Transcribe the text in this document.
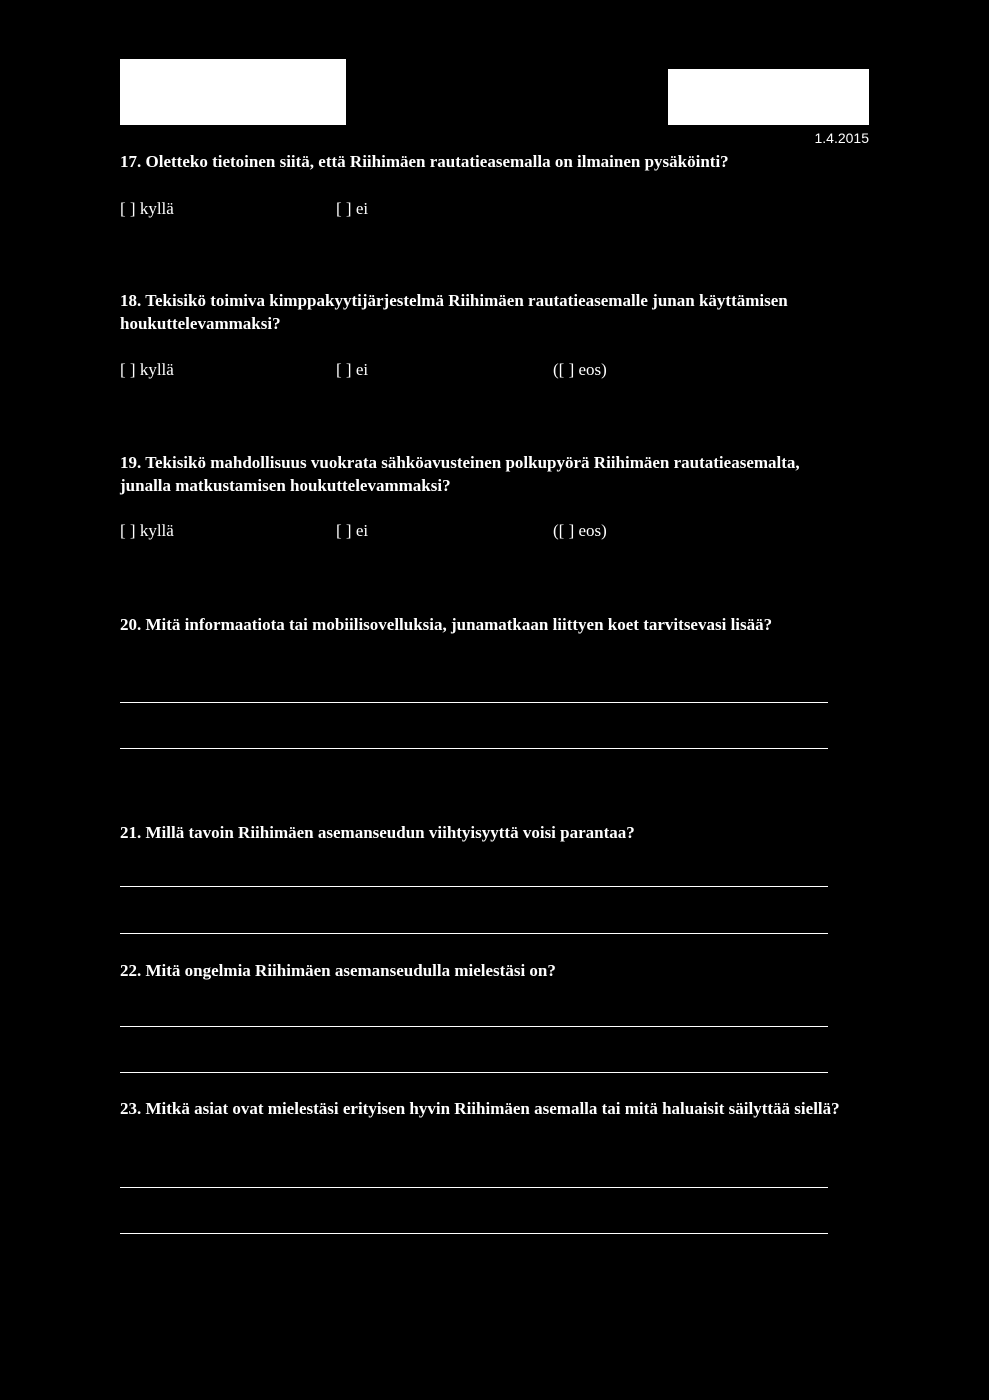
1.4.2015

17. Oletteko tietoinen siitä, että Riihimäen rautatieasemalla on ilmainen pysäköinti?

[ ] kyllä	[ ] ei

18. Tekisikö toimiva kimppakyytijärjestelmä Riihimäen rautatieasemalle junan käyttämisen houkuttelevammaksi?

[ ] kyllä	[ ] ei	([ ] eos)

19. Tekisikö mahdollisuus vuokrata sähköavusteinen polkupyörä Riihimäen rautatieasemalta, junalla matkustamisen houkuttelevammaksi?

[ ] kyllä	[ ] ei	([ ] eos)

20. Mitä informaatiota tai mobiilisovelluksia, junamatkaan liittyen koet tarvitsevasi lisää?

21. Millä tavoin Riihimäen asemanseudun viihtyisyyttä voisi parantaa?

22. Mitä ongelmia Riihimäen asemanseudulla mielestäsi on?

23. Mitkä asiat ovat mielestäsi erityisen hyvin Riihimäen asemalla tai mitä haluaisit säilyttää siellä?
